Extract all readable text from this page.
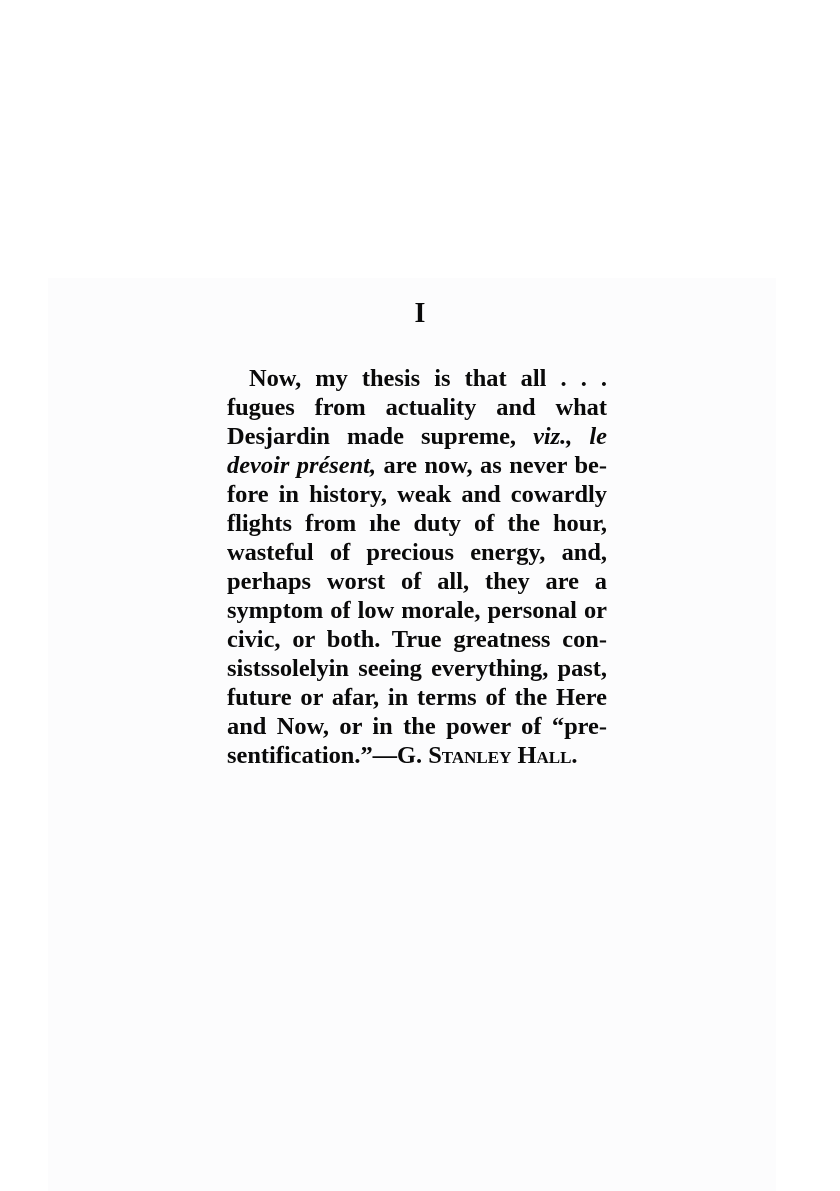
I
Now, my thesis is that all . . .
fugues from actuality and what
Desjardin made supreme, viz., le
devoir présent, are now, as never be-
fore in history, weak and cowardly
flights from ıhe duty of the hour,
wasteful of precious energy, and,
perhaps worst of all, they are a
symptom of low morale, personal or
civic, or both. True greatness con-
sistssolelyin seeing everything, past,
future or afar, in terms of the Here
and Now, or in the power of “pre-
sentification.”—G. Stanley Hall.
